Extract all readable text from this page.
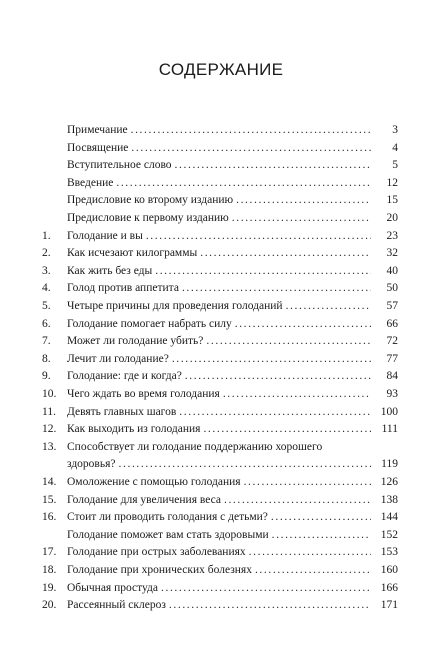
СОДЕРЖАНИЕ
Примечание .....	3
Посвящение .....	4
Вступительное слово .....	5
Введение .....	12
Предисловие ко второму изданию .....	15
Предисловие к первому изданию .....	20
1.	Голодание и вы .....	23
2.	Как исчезают килограммы .....	32
3.	Как жить без еды .....	40
4.	Голод против аппетита .....	50
5.	Четыре причины для проведения голоданий .....	57
6.	Голодание помогает набрать силу .....	66
7.	Может ли голодание убить? .....	72
8.	Лечит ли голодание? .....	77
9.	Голодание: где и когда? .....	84
10. Чего ждать во время голодания .....	93
11. Девять главных шагов .....	100
12. Как выходить из голодания .....	111
13. Способствует ли голодание поддержанию хорошего
здоровья? .....	119
14. Омоложение с помощью голодания .....	126
15. Голодание для увеличения веса .....	138
16. Стоит ли проводить голодания с детьми? .....	144
Голодание поможет вам стать здоровыми .....	152
17. Голодание при острых заболеваниях .....	153
18. Голодание при хронических болезнях .....	160
19. Обычная простуда .....	166
20. Рассеянный склероз .....	171
